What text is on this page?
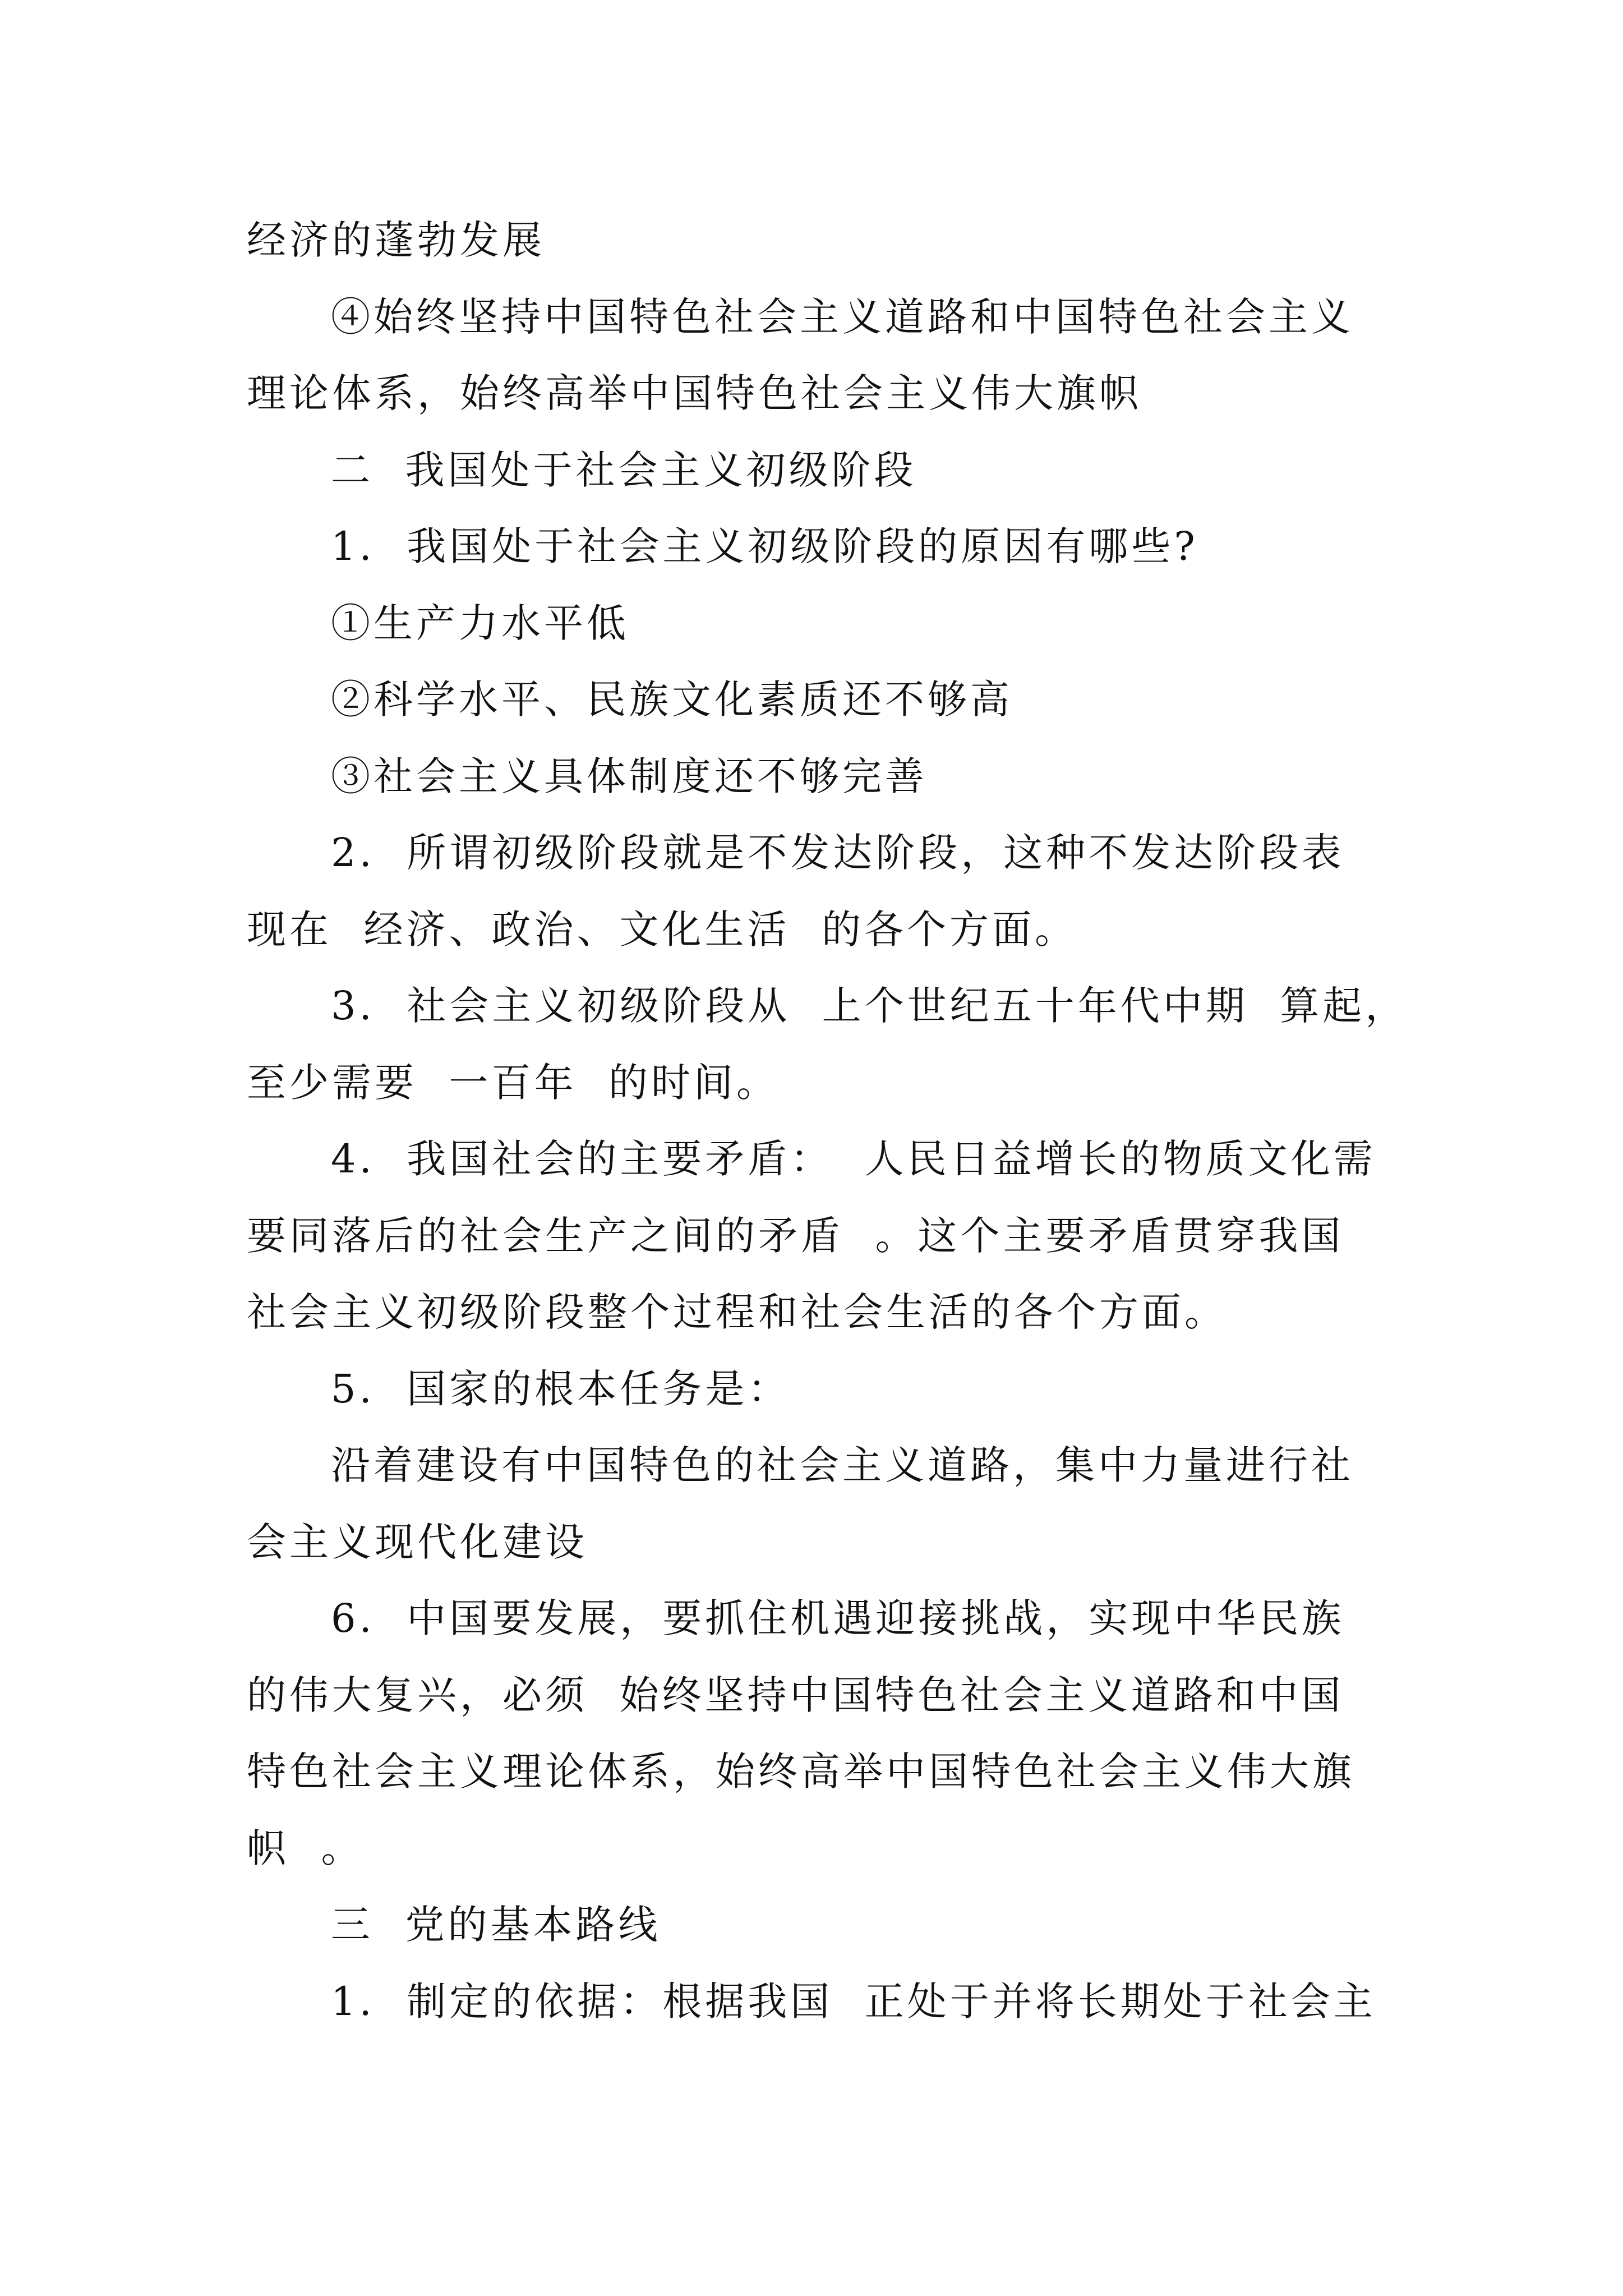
经济的蓬勃发展
④始终坚持中国特色社会主义道路和中国特色社会主义
理论体系，始终高举中国特色社会主义伟大旗帜
二  我国处于社会主义初级阶段
1.  我国处于社会主义初级阶段的原因有哪些?
①生产力水平低
②科学水平、民族文化素质还不够高
③社会主义具体制度还不够完善
2.  所谓初级阶段就是不发达阶段，这种不发达阶段表
现在  经济、政治、文化生活  的各个方面。
3.  社会主义初级阶段从  上个世纪五十年代中期  算起，
至少需要  一百年  的时间。
4.  我国社会的主要矛盾：  人民日益增长的物质文化需
要同落后的社会生产之间的矛盾  。这个主要矛盾贯穿我国
社会主义初级阶段整个过程和社会生活的各个方面。
5.  国家的根本任务是：
沿着建设有中国特色的社会主义道路，集中力量进行社
会主义现代化建设
6.  中国要发展，要抓住机遇迎接挑战，实现中华民族
的伟大复兴，必须  始终坚持中国特色社会主义道路和中国
特色社会主义理论体系，始终高举中国特色社会主义伟大旗
帜  。
三  党的基本路线
1.  制定的依据：根据我国  正处于并将长期处于社会主
